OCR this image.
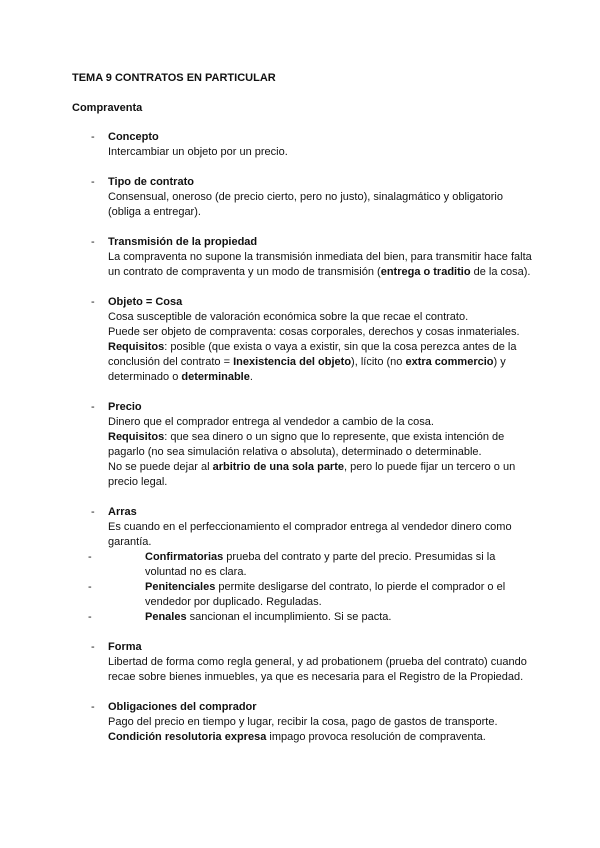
TEMA 9 CONTRATOS EN PARTICULAR
Compraventa
- Concepto
Intercambiar un objeto por un precio.
- Tipo de contrato
Consensual, oneroso (de precio cierto, pero no justo), sinalagmático y obligatorio (obliga a entregar).
- Transmisión de la propiedad
La compraventa no supone la transmisión inmediata del bien, para transmitir hace falta un contrato de compraventa y un modo de transmisión (entrega o traditio de la cosa).
- Objeto = Cosa
Cosa susceptible de valoración económica sobre la que recae el contrato.
Puede ser objeto de compraventa: cosas corporales, derechos y cosas inmateriales.
Requisitos: posible (que exista o vaya a existir, sin que la cosa perezca antes de la conclusión del contrato = Inexistencia del objeto), lícito (no extra commercio) y determinado o determinable.
- Precio
Dinero que el comprador entrega al vendedor a cambio de la cosa.
Requisitos: que sea dinero o un signo que lo represente, que exista intención de pagarlo (no sea simulación relativa o absoluta), determinado o determinable.
No se puede dejar al arbitrio de una sola parte, pero lo puede fijar un tercero o un precio legal.
- Arras
Es cuando en el perfeccionamiento el comprador entrega al vendedor dinero como garantía.
-	Confirmatorias prueba del contrato y parte del precio. Presumidas si la voluntad no es clara.
-	Penitenciales permite desligarse del contrato, lo pierde el comprador o el vendedor por duplicado. Reguladas.
-	Penales sancionan el incumplimiento. Si se pacta.
- Forma
Libertad de forma como regla general, y ad probationem (prueba del contrato) cuando recae sobre bienes inmuebles, ya que es necesaria para el Registro de la Propiedad.
- Obligaciones del comprador
Pago del precio en tiempo y lugar, recibir la cosa, pago de gastos de transporte.
Condición resolutoria expresa impago provoca resolución de compraventa.
